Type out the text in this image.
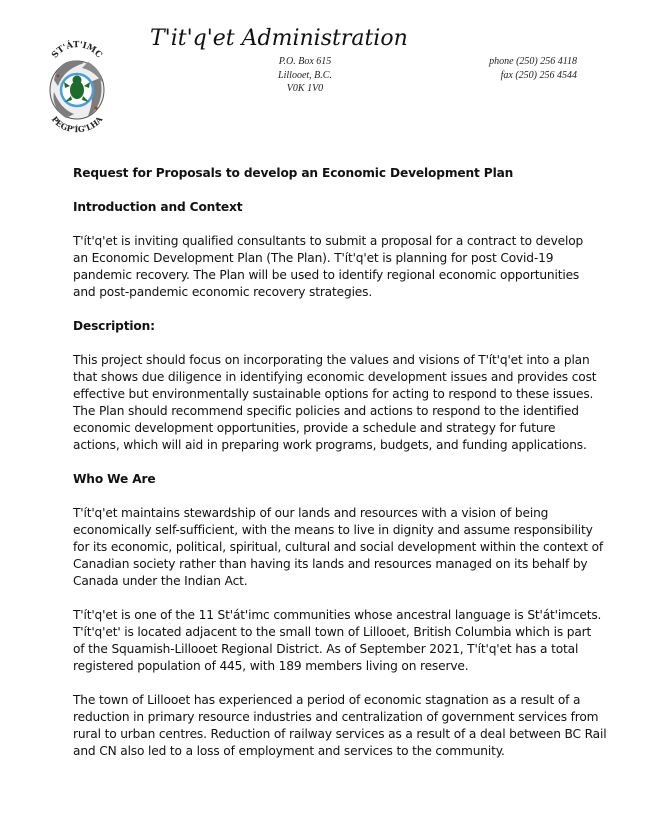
ST'ÁT'IMC
PEGP'ÍG'LHA
T'it'q'et Administration
P.O. Box 615
Lillooet, B.C.
V0K 1V0
phone (250) 256 4118
fax (250) 256 4544
Request for Proposals to develop an Economic Development Plan
Introduction and Context
T'ít'q'et is inviting qualified consultants to submit a proposal for a contract to develop
an Economic Development Plan (The Plan). T'ít'q'et is planning for post Covid-19
pandemic recovery. The Plan will be used to identify regional economic opportunities
and post-pandemic economic recovery strategies.
Description:
This project should focus on incorporating the values and visions of T'ít'q'et into a plan
that shows due diligence in identifying economic development issues and provides cost
effective but environmentally sustainable options for acting to respond to these issues.
The Plan should recommend specific policies and actions to respond to the identified
economic development opportunities, provide a schedule and strategy for future
actions, which will aid in preparing work programs, budgets, and funding applications.
Who We Are
T'ít'q'et maintains stewardship of our lands and resources with a vision of being
economically self-sufficient, with the means to live in dignity and assume responsibility
for its economic, political, spiritual, cultural and social development within the context of
Canadian society rather than having its lands and resources managed on its behalf by
Canada under the Indian Act.
T'ít'q'et is one of the 11 St'át'imc communities whose ancestral language is St'át'imcets.
T'ít'q'et' is located adjacent to the small town of Lillooet, British Columbia which is part
of the Squamish-Lillooet Regional District. As of September 2021, T'ít'q'et has a total
registered population of 445, with 189 members living on reserve.
The town of Lillooet has experienced a period of economic stagnation as a result of a
reduction in primary resource industries and centralization of government services from
rural to urban centres. Reduction of railway services as a result of a deal between BC Rail
and CN also led to a loss of employment and services to the community.
